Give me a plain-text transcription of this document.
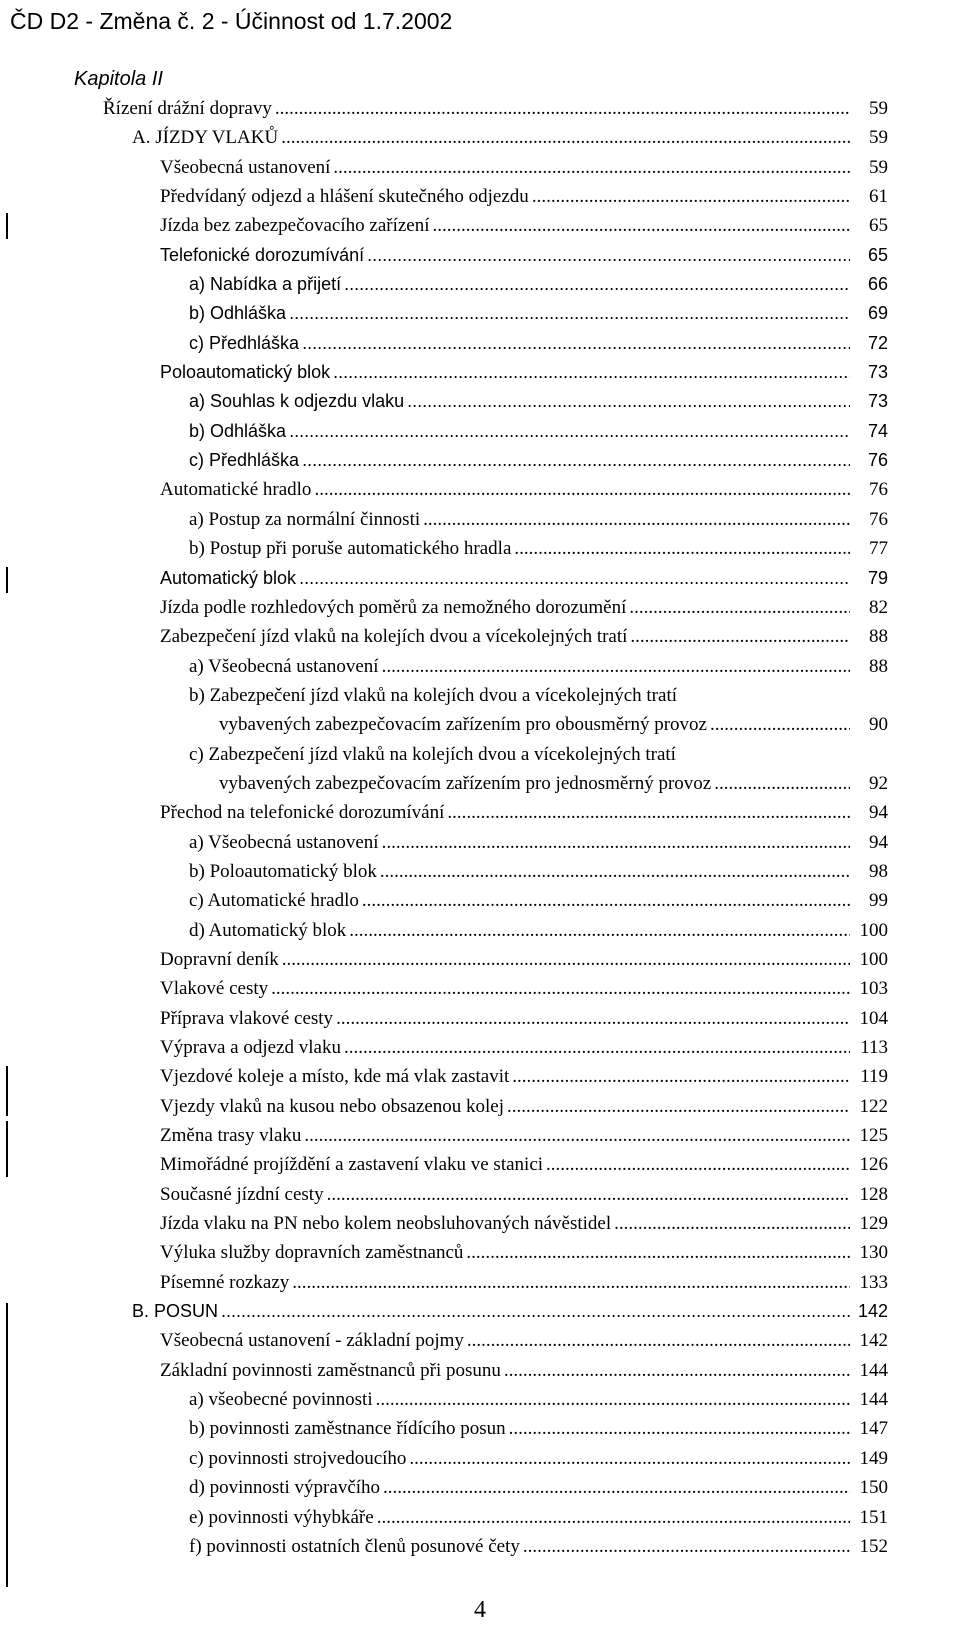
ČD D2 - Změna č. 2 - Účinnost od 1.7.2002
Kapitola II
Řízení drážní dopravy .....	59
A. JÍZDY VLAKŮ .....	59
Všeobecná ustanovení .....	59
Předvídaný odjezd a hlášení skutečného odjezdu .....	61
Jízda bez zabezpečovacího zařízení .....	65
Telefonické dorozumívání .....	65
a) Nabídka a přijetí .....	66
b) Odhláška .....	69
c) Předhláška .....	72
Poloautomatický blok .....	73
a) Souhlas k odjezdu vlaku .....	73
b) Odhláška .....	74
c) Předhláška .....	76
Automatické hradlo .....	76
a) Postup za normální činnosti .....	76
b) Postup při poruše automatického hradla .....	77
Automatický blok .....	79
Jízda podle rozhledových poměrů za nemožného dorozumění .....	82
Zabezpečení jízd vlaků na kolejích dvou a vícekolejných tratí .....	88
a) Všeobecná ustanovení .....	88
b) Zabezpečení jízd vlaků na kolejích dvou a vícekolejných tratí
vybavených zabezpečovacím zařízením pro obousměrný provoz .....	90
c) Zabezpečení jízd vlaků na kolejích dvou a vícekolejných tratí
vybavených zabezpečovacím zařízením pro jednosměrný provoz .....	92
Přechod na telefonické dorozumívání .....	94
a) Všeobecná ustanovení .....	94
b) Poloautomatický blok .....	98
c) Automatické hradlo .....	99
d) Automatický blok .....	100
Dopravní deník .....	100
Vlakové cesty .....	103
Příprava vlakové cesty .....	104
Výprava a odjezd vlaku .....	113
Vjezdové koleje a místo, kde má vlak zastavit .....	119
Vjezdy vlaků na kusou nebo obsazenou kolej .....	122
Změna trasy vlaku .....	125
Mimořádné projíždění a zastavení vlaku ve stanici .....	126
Současné jízdní cesty .....	128
Jízda vlaku na PN nebo kolem neobsluhovaných návěstidel .....	129
Výluka služby dopravních zaměstnanců .....	130
Písemné rozkazy .....	133
B. POSUN .....	142
Všeobecná ustanovení - základní pojmy .....	142
Základní povinnosti zaměstnanců při posunu .....	144
a) všeobecné povinnosti .....	144
b) povinnosti zaměstnance řídícího posun .....	147
c) povinnosti strojvedoucího .....	149
d) povinnosti výpravčího .....	150
e) povinnosti výhybkáře .....	151
f) povinnosti ostatních členů posunové čety .....	152
4
